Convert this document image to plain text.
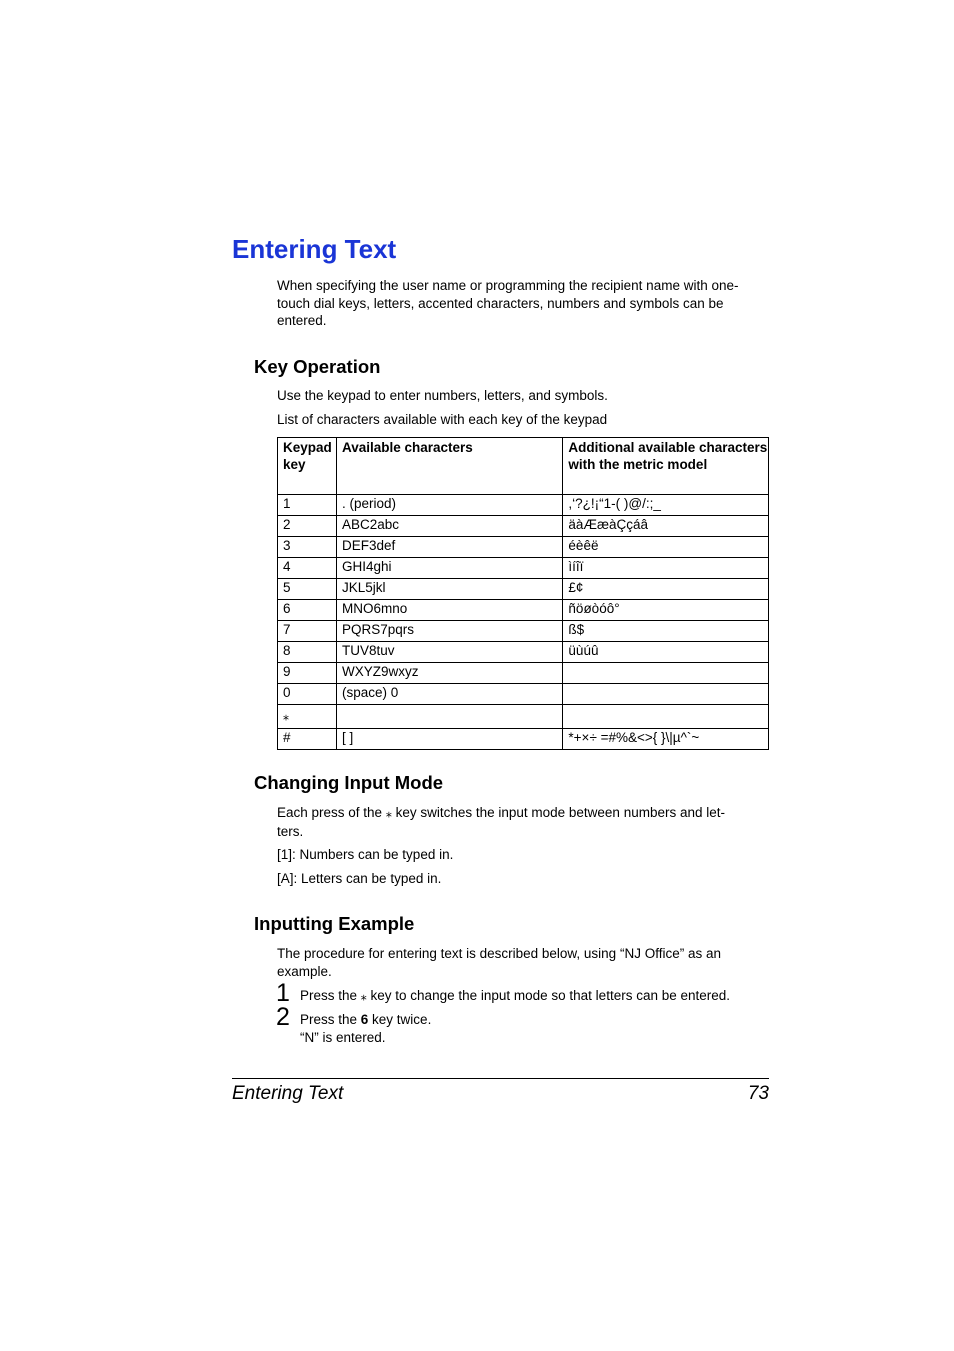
Entering Text
When specifying the user name or programming the recipient name with one-touch dial keys, letters, accented characters, numbers and symbols can be entered.
Key Operation
Use the keypad to enter numbers, letters, and symbols.
List of characters available with each key of the keypad
Keypad key	Available characters	Additional available characters with the metric model
1	. (period)	,‘?¿!¡“1-( )@/:;_
2	ABC2abc	äàÆæàÇçáâ
3	DEF3def	éèêë
4	GHI4ghi	ìíîï
5	JKL5jkl	£¢
6	MNO6mno	ñöøòóô°
7	PQRS7pqrs	ß$
8	TUV8tuv	üùúû
9	WXYZ9wxyz	
0	(space) 0	
⁎		
#	[ ]	*+×÷ =#%&<>{ }\|µ^`~
Changing Input Mode
Each press of the ⁎ key switches the input mode between numbers and let-
ters.
[1]: Numbers can be typed in.
[A]: Letters can be typed in.
Inputting Example
The procedure for entering text is described below, using “NJ Office” as an example.
1 Press the ⁎ key to change the input mode so that letters can be entered.
2 Press the 6 key twice.
“N” is entered.
Entering Text	73
